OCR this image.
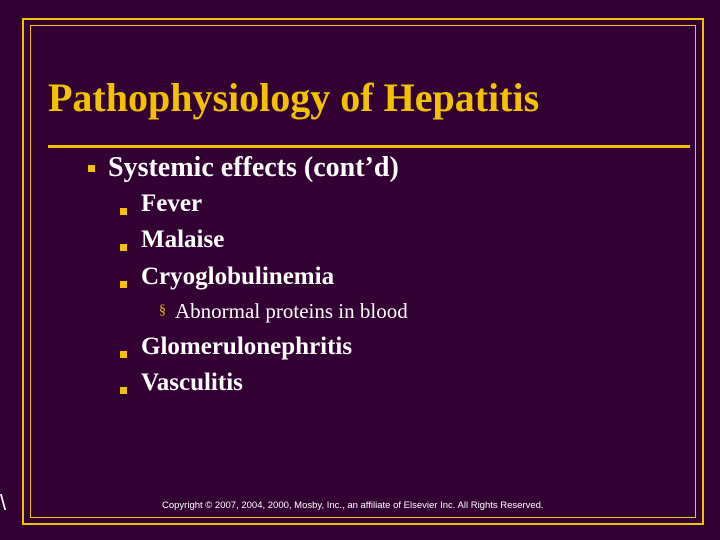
\
Pathophysiology of Hepatitis
Systemic effects (cont’d)
Fever
Malaise
Cryoglobulinemia
§ Abnormal proteins in blood
Glomerulonephritis
Vasculitis
Copyright © 2007, 2004, 2000, Mosby, Inc., an affiliate of Elsevier Inc. All Rights Reserved.
